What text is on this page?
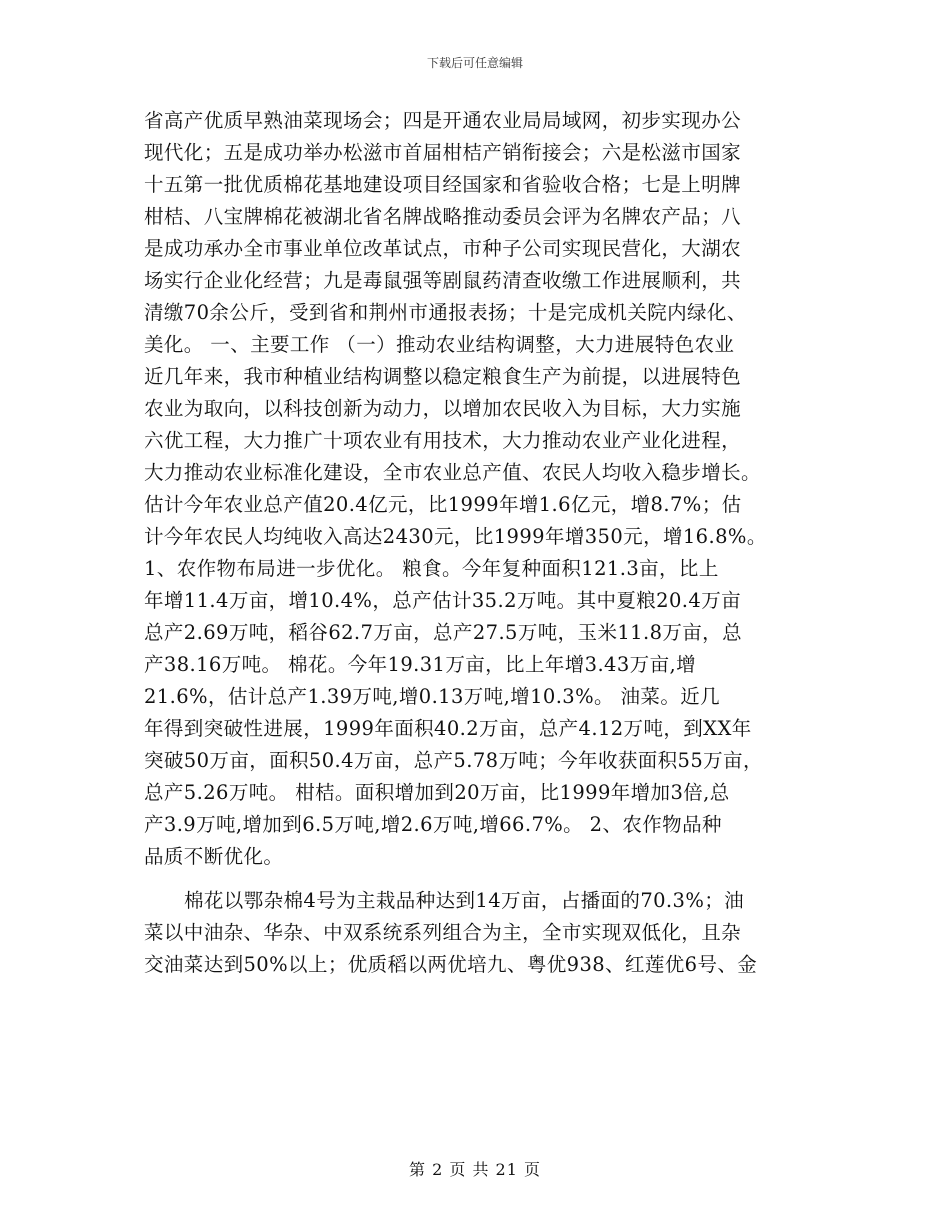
下载后可任意编辑
省高产优质早熟油菜现场会；四是开通农业局局域网，初步实现办公
现代化；五是成功举办松滋市首届柑桔产销衔接会；六是松滋市国家
十五第一批优质棉花基地建设项目经国家和省验收合格；七是上明牌
柑桔、八宝牌棉花被湖北省名牌战略推动委员会评为名牌农产品；八
是成功承办全市事业单位改革试点，市种子公司实现民营化，大湖农
场实行企业化经营；九是毒鼠强等剧鼠药清查收缴工作进展顺利，共
清缴70余公斤，受到省和荆州市通报表扬；十是完成机关院内绿化、
美化。 一、主要工作 （一）推动农业结构调整，大力进展特色农业
近几年来，我市种植业结构调整以稳定粮食生产为前提，以进展特色
农业为取向，以科技创新为动力，以增加农民收入为目标，大力实施
六优工程，大力推广十项农业有用技术，大力推动农业产业化进程，
大力推动农业标准化建设，全市农业总产值、农民人均收入稳步增长。
估计今年农业总产值20.4亿元，比1999年增1.6亿元，增8.7%；估
计今年农民人均纯收入高达2430元，比1999年增350元，增16.8%。
1、农作物布局进一步优化。 粮食。今年复种面积121.3亩，比上
年增11.4万亩，增10.4%，总产估计35.2万吨。其中夏粮20.4万亩
总产2.69万吨，稻谷62.7万亩，总产27.5万吨，玉米11.8万亩，总
产38.16万吨。 棉花。今年19.31万亩，比上年增3.43万亩,增
21.6%，估计总产1.39万吨,增0.13万吨,增10.3%。 油菜。近几
年得到突破性进展，1999年面积40.2万亩，总产4.12万吨，到XX年
突破50万亩，面积50.4万亩，总产5.78万吨；今年收获面积55万亩，
总产5.26万吨。 柑桔。面积增加到20万亩，比1999年增加3倍,总
产3.9万吨,增加到6.5万吨,增2.6万吨,增66.7%。 2、农作物品种
品质不断优化。
棉花以鄂杂棉4号为主栽品种达到14万亩，占播面的70.3%；油
菜以中油杂、华杂、中双系统系列组合为主，全市实现双低化，且杂
交油菜达到50%以上；优质稻以两优培九、粤优938、红莲优6号、金
第 2 页 共 21 页
